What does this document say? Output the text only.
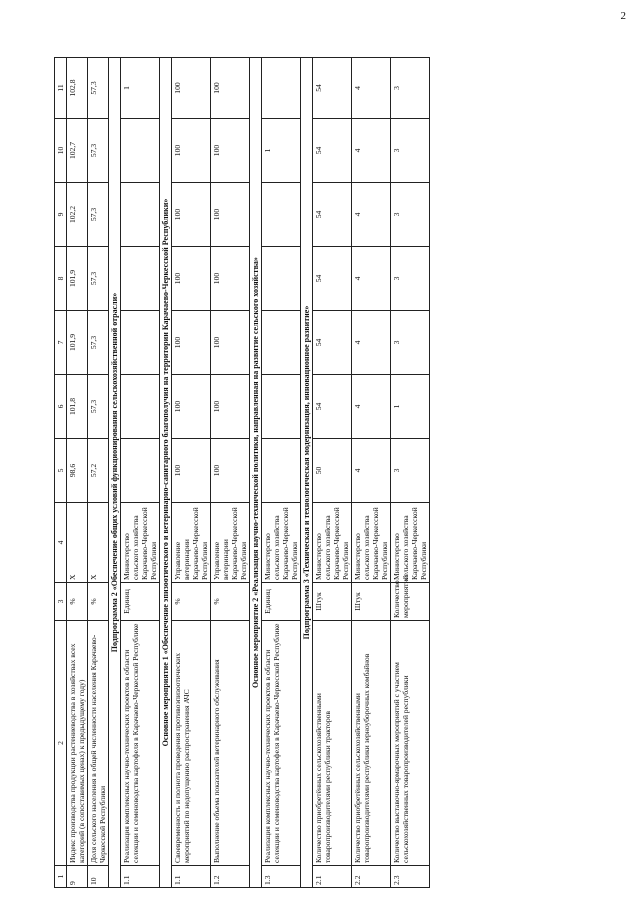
2
1	2	3	4	5	6	7	8	9	10	11
9	Индекс производства продукции растениеводства в хозяйствах всех категорий (в сопоставимых ценах) к предыдущему году)	%	Х	98,6	101,8	101,9	101,9	102,2	102,7	102,8
10	Доля сельского населения в общей численности населения Карачаево-Черкесской Республики	%	Х	57,2	57,3	57,3	57,3	57,3	57,3	57,3
Подпрограмма 2 «Обеспечение общих условий функционирования сельскохозяйственной отрасли»										
1.1	Реализация комплексных научно-технических проектов в области селекции и семеноводства картофеля в Карачаево-Черкесской Республике	Единиц	Министерство сельского хозяйства Карачаево-Черкесской Республики							1
Основное мероприятие 1 «Обеспечение эпизоотического и ветеринарно-санитарного благополучия на территории Карачаево-Черкесской Республики»										
1.1	Своевременность и полнота проведения противоэпизоотических мероприятий по недопущению распространения АЧС	%	Управление ветеринарии Карачаево-Черкесской Республики	100	100	100	100	100	100	100
1.2	Выполнение объема показателей ветеринарного обслуживания	%	Управление ветеринарии Карачаево-Черкесской Республики	100	100	100	100	100	100	100
Основное мероприятие 2 «Реализация научно-технической политики, направленная на развитие сельского хозяйства»										
1.3	Реализация комплексных научно-технических проектов в области селекции и семеноводства картофеля в Карачаево-Черкесской Республике	Единиц	Министерство сельского хозяйства Карачаево-Черкесской Республики						1	
Подпрограмма 3 «Техническая и технологическая модернизация, инновационное развитие»										
2.1	Количество приобретённых сельскохозяйственными товаропроизводителями республики тракторов	Штук	Министерство сельского хозяйства Карачаево-Черкесской Республики	50	54	54	54	54	54	54
2.2	Количество приобретённых сельскохозяйственными товаропроизводителями республики зерноуборочных комбайнов	Штук	Министерство сельского хозяйства Карачаево-Черкесской Республики	4	4	4	4	4	4	4
2.3	Количество выставочно-ярмарочных мероприятий с участием сельскохозяйственных товаропроизводителей республики	Количество мероприятий	Министерство сельского хозяйства Карачаево-Черкесской Республики	3	1	3	3	3	3	3
